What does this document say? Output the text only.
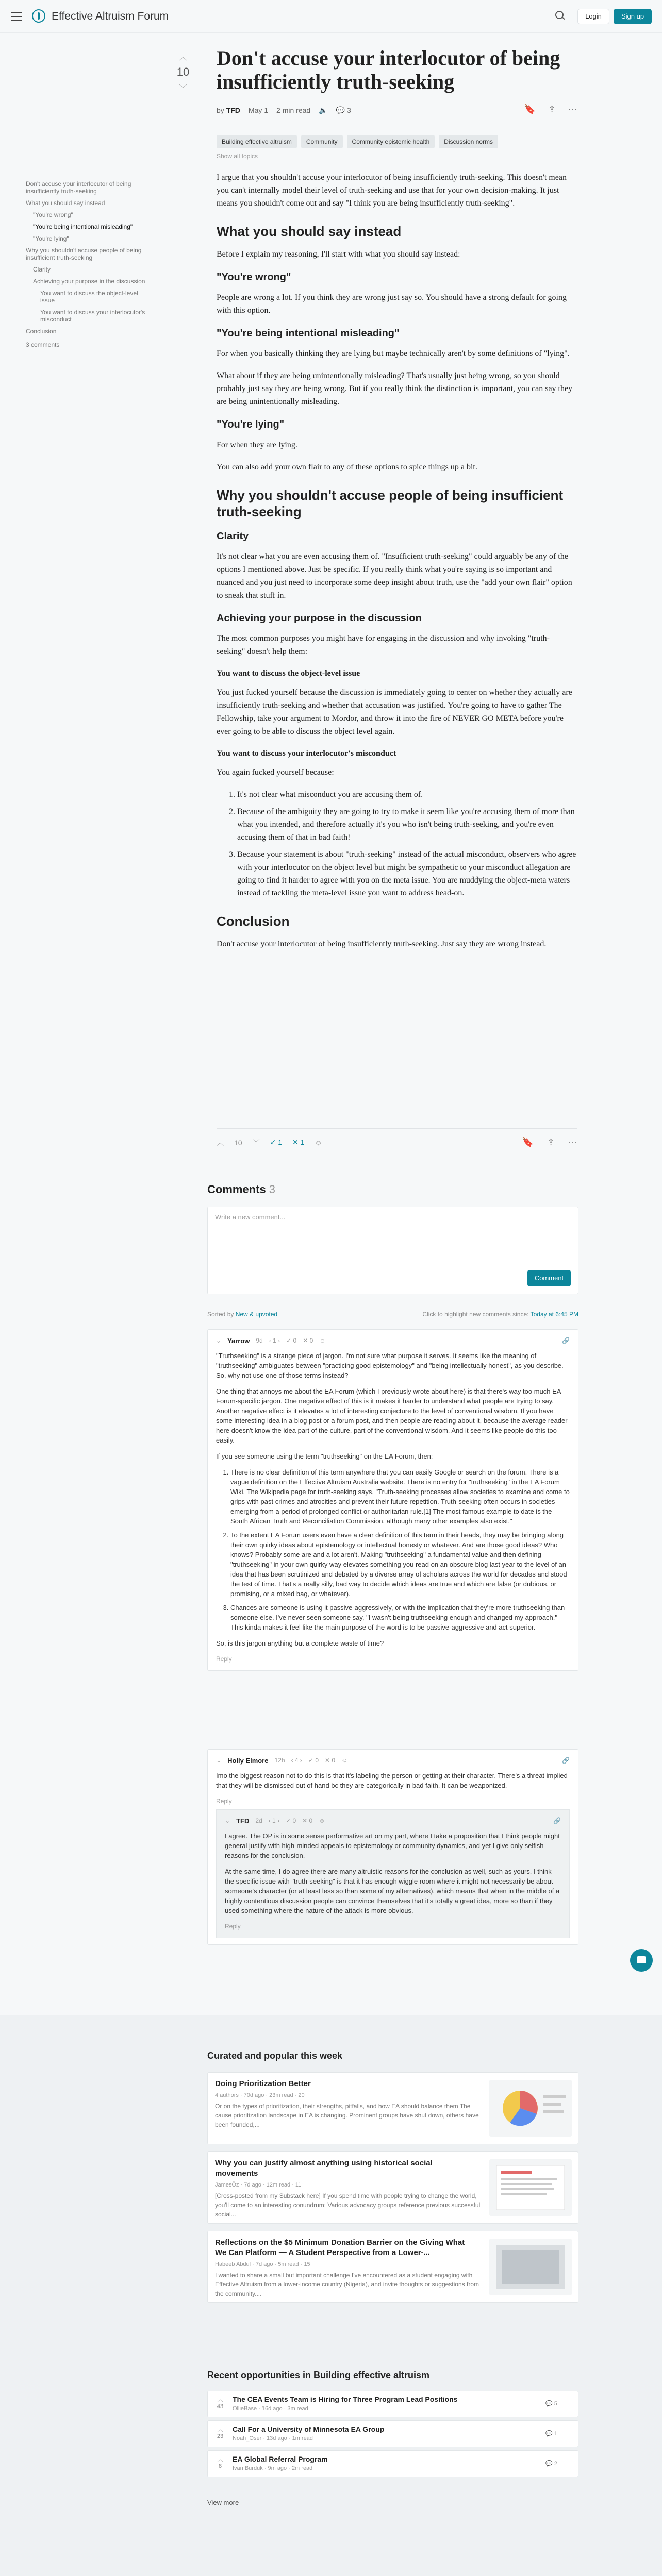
Effective Altruism Forum	Login	Sign up
Don't accuse your interlocutor of being insufficiently truth-seeking
What you should say instead
"You're wrong"
"You're being intentional misleading"
"You're lying"
Why you shouldn't accuse people of being insufficient truth-seeking
Clarity
Achieving your purpose in the discussion
You want to discuss the object-level issue
You want to discuss your interlocutor's misconduct
Conclusion
3 comments
︿
10
﹀
Don't accuse your interlocutor of being insufficiently truth-seeking
by TFD May 1 2 min read 🔈 💬 3	🔖 ⇪ ⋯
Building effective altruism	Community	Community epistemic health	Discussion norms
Show all topics

I argue that you shouldn't accuse your interlocutor of being insufficiently truth-seeking. This doesn't mean you can't internally model their level of truth-seeking and use that for your own decision-making. It just means you shouldn't come out and say "I think you are being insufficiently truth-seeking".

What you should say instead

Before I explain my reasoning, I'll start with what you should say instead:

"You're wrong"

People are wrong a lot. If you think they are wrong just say so. You should have a strong default for going with this option.

"You're being intentional misleading"

For when you basically thinking they are lying but maybe technically aren't by some definitions of "lying".

What about if they are being unintentionally misleading? That's usually just being wrong, so you should probably just say they are being wrong. But if you really think the distinction is important, you can say they are being unintentionally misleading.

"You're lying"

For when they are lying.

You can also add your own flair to any of these options to spice things up a bit.

Why you shouldn't accuse people of being insufficient truth-seeking
Clarity

It's not clear what you are even accusing them of. "Insufficient truth-seeking" could arguably be any of the options I mentioned above. Just be specific. If you really think what you're saying is so important and nuanced and you just need to incorporate some deep insight about truth, use the "add your own flair" option to sneak that stuff in.

Achieving your purpose in the discussion

The most common purposes you might have for engaging in the discussion and why invoking "truth-seeking" doesn't help them:

You want to discuss the object-level issue

You just fucked yourself because the discussion is immediately going to center on whether they actually are insufficiently truth-seeking and whether that accusation was justified. You're going to have to gather The Fellowship, take your argument to Mordor, and throw it into the fire of NEVER GO META before you're ever going to be able to discuss the object level again.

You want to discuss your interlocutor's misconduct

You again fucked yourself because:

1. It's not clear what misconduct you are accusing them of.
2. Because of the ambiguity they are going to try to make it seem like you're accusing them of more than what you intended, and therefore actually it's you who isn't being truth-seeking, and you're even accusing them of that in bad faith!
3. Because your statement is about "truth-seeking" instead of the actual misconduct, observers who agree with your interlocutor on the object level but might be sympathetic to your misconduct allegation are going to find it harder to agree with you on the meta issue. You are muddying the object-meta waters instead of tackling the meta-level issue you want to address head-on.
Conclusion

Don't accuse your interlocutor of being insufficiently truth-seeking. Just say they are wrong instead.

︿ 10 ﹀ ✓ 1 ✕ 1 ☺	🔖 ⇪ ⋯
Comments 3
Write a new comment...
Comment
Sorted by New & upvoted	Click to highlight new comments since: Today at 6:45 PM
⌄ Yarrow 9d ‹ 1 › ✓ 0 ✕ 0 ☺	🔗

"Truthseeking" is a strange piece of jargon. I'm not sure what purpose it serves. It seems like the meaning of "truthseeking" ambiguates between "practicing good epistemology" and "being intellectually honest", as you describe. So, why not use one of those terms instead?

One thing that annoys me about the EA Forum (which I previously wrote about here) is that there's way too much EA Forum-specific jargon. One negative effect of this is it makes it harder to understand what people are trying to say. Another negative effect is it elevates a lot of interesting conjecture to the level of conventional wisdom. If you have some interesting idea in a blog post or a forum post, and then people are reading about it, because the average reader here doesn't know the idea part of the culture, part of the conventional wisdom. And it seems like people do this too easily.

If you see someone using the term "truthseeking" on the EA Forum, then:

1. There is no clear definition of this term anywhere that you can easily Google or search on the forum. There is a vague definition on the Effective Altruism Australia website. There is no entry for "truthseeking" in the EA Forum Wiki. The Wikipedia page for truth-seeking says, "Truth-seeking processes allow societies to examine and come to grips with past crimes and atrocities and prevent their future repetition. Truth-seeking often occurs in societies emerging from a period of prolonged conflict or authoritarian rule.[1] The most famous example to date is the South African Truth and Reconciliation Commission, although many other examples also exist."
2. To the extent EA Forum users even have a clear definition of this term in their heads, they may be bringing along their own quirky ideas about epistemology or intellectual honesty or whatever. And are those good ideas? Who knows? Probably some are and a lot aren't. Making "truthseeking" a fundamental value and then defining "truthseeking" in your own quirky way elevates something you read on an obscure blog last year to the level of an idea that has been scrutinized and debated by a diverse array of scholars across the world for decades and stood the test of time. That's a really silly, bad way to decide which ideas are true and which are false (or dubious, or promising, or a mixed bag, or whatever).
3. Chances are someone is using it passive-aggressively, or with the implication that they're more truthseeking than someone else. I've never seen someone say, "I wasn't being truthseeking enough and changed my approach." This kinda makes it feel like the main purpose of the word is to be passive-aggressive and act superior.

So, is this jargon anything but a complete waste of time?

Reply
⌄ Holly Elmore 12h ‹ 4 › ✓ 0 ✕ 0 ☺	🔗

Imo the biggest reason not to do this is that it's labeling the person or getting at their character. There's a threat implied that they will be dismissed out of hand bc they are categorically in bad faith. It can be weaponized.

Reply
⌄ TFD 2d ‹ 1 › ✓ 0 ✕ 0 ☺	🔗

I agree. The OP is in some sense performative art on my part, where I take a proposition that I think people might general justify with high-minded appeals to epistemology or community dynamics, and yet I give only selfish reasons for the conclusion.

At the same time, I do agree there are many altruistic reasons for the conclusion as well, such as yours. I think the specific issue with "truth-seeking" is that it has enough wiggle room where it might not necessarily be about someone's character (or at least less so than some of my alternatives), which means that when in the middle of a highly contentious discussion people can convince themselves that it's totally a great idea, more so than if they used something where the nature of the attack is more obvious.

Reply
Curated and popular this week
Doing Prioritization Better
4 authors · 70d ago · 23m read · 20
Or on the types of prioritization, their strengths, pitfalls, and how EA should balance them The cause prioritization landscape in EA is changing. Prominent groups have shut down, others have been founded,...
Why you can justify almost anything using historical social movements
JamesÖz · 7d ago · 12m read · 11
[Cross-posted from my Substack here] If you spend time with people trying to change the world, you'll come to an interesting conundrum: Various advocacy groups reference previous successful social...
Reflections on the $5 Minimum Donation Barrier on the Giving What We Can Platform — A Student Perspective from a Lower-...
Habeeb Abdul · 7d ago · 5m read · 15
I wanted to share a small but important challenge I've encountered as a student engaging with Effective Altruism from a lower-income country (Nigeria), and invite thoughts or suggestions from the community....
Recent opportunities in Building effective altruism
︿
43
The CEA Events Team is Hiring for Three Program Lead Positions
OllieBase · 16d ago · 3m read
💬 5
︿
23
Call For a University of Minnesota EA Group
Noah_Oser · 13d ago · 1m read
💬 1
︿
8
EA Global Referral Program
Ivan Burduk · 9m ago · 2m read
💬 2
View more
